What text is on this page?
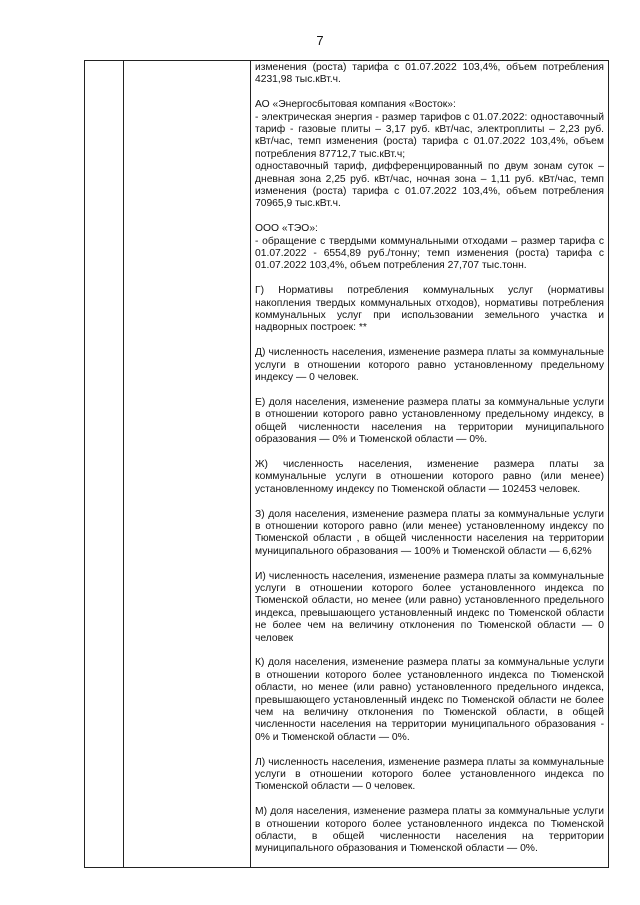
7

изменения (роста) тарифа с 01.07.2022 103,4%, объем потребления 4231,98 тыс.кВт.ч.

АО «Энергосбытовая компания «Восток»:

- электрическая энергия - размер тарифов с 01.07.2022: одноставочный тариф - газовые плиты – 3,17 руб. кВт/час, электроплиты – 2,23 руб. кВт/час, темп изменения (роста) тарифа с 01.07.2022 103,4%, объем потребления 87712,7 тыс.кВт.ч;

одноставочный тариф, дифференцированный по двум зонам суток – дневная зона 2,25 руб. кВт/час, ночная зона – 1,11 руб. кВт/час, темп изменения (роста) тарифа с 01.07.2022 103,4%, объем потребления 70965,9 тыс.кВт.ч.

ООО «ТЭО»:

- обращение с твердыми коммунальными отходами – размер тарифа с 01.07.2022 - 6554,89 руб./тонну; темп изменения (роста) тарифа с 01.07.2022 103,4%, объем потребления 27,707 тыс.тонн.

Г) Нормативы потребления коммунальных услуг (нормативы накопления твердых коммунальных отходов), нормативы потребления коммунальных услуг при использовании земельного участка и надворных построек: **

Д) численность населения, изменение размера платы за коммунальные услуги в отношении которого равно установленному предельному индексу — 0 человек.

Е) доля населения, изменение размера платы за коммунальные услуги в отношении которого равно установленному предельному индексу, в общей численности населения на территории муниципального образования — 0% и Тюменской области — 0%.

Ж) численность населения, изменение размера платы за коммунальные услуги в отношении которого равно (или менее) установленному индексу по Тюменской области — 102453 человек.

З) доля населения, изменение размера платы за коммунальные услуги в отношении которого равно (или менее) установленному индексу по Тюменской области , в общей численности населения на территории муниципального образования — 100% и Тюменской области — 6,62%

И) численность населения, изменение размера платы за коммунальные услуги в отношении которого более установленного индекса по Тюменской области, но менее (или равно) установленного предельного индекса, превышающего установленный индекс по Тюменской области не более чем на величину отклонения по Тюменской области — 0 человек

К) доля населения, изменение размера платы за коммунальные услуги в отношении которого более установленного индекса по Тюменской области, но менее (или равно) установленного предельного индекса, превышающего установленный индекс по Тюменской области не более чем на величину отклонения по Тюменской области, в общей численности населения на территории муниципального образования - 0% и Тюменской области — 0%.

Л) численность населения, изменение размера платы за коммунальные услуги в отношении которого более установленного индекса по Тюменской области — 0 человек.

М) доля населения, изменение размера платы за коммунальные услуги в отношении которого более установленного индекса по Тюменской области, в общей численности населения на территории муниципального образования и Тюменской области — 0%.
